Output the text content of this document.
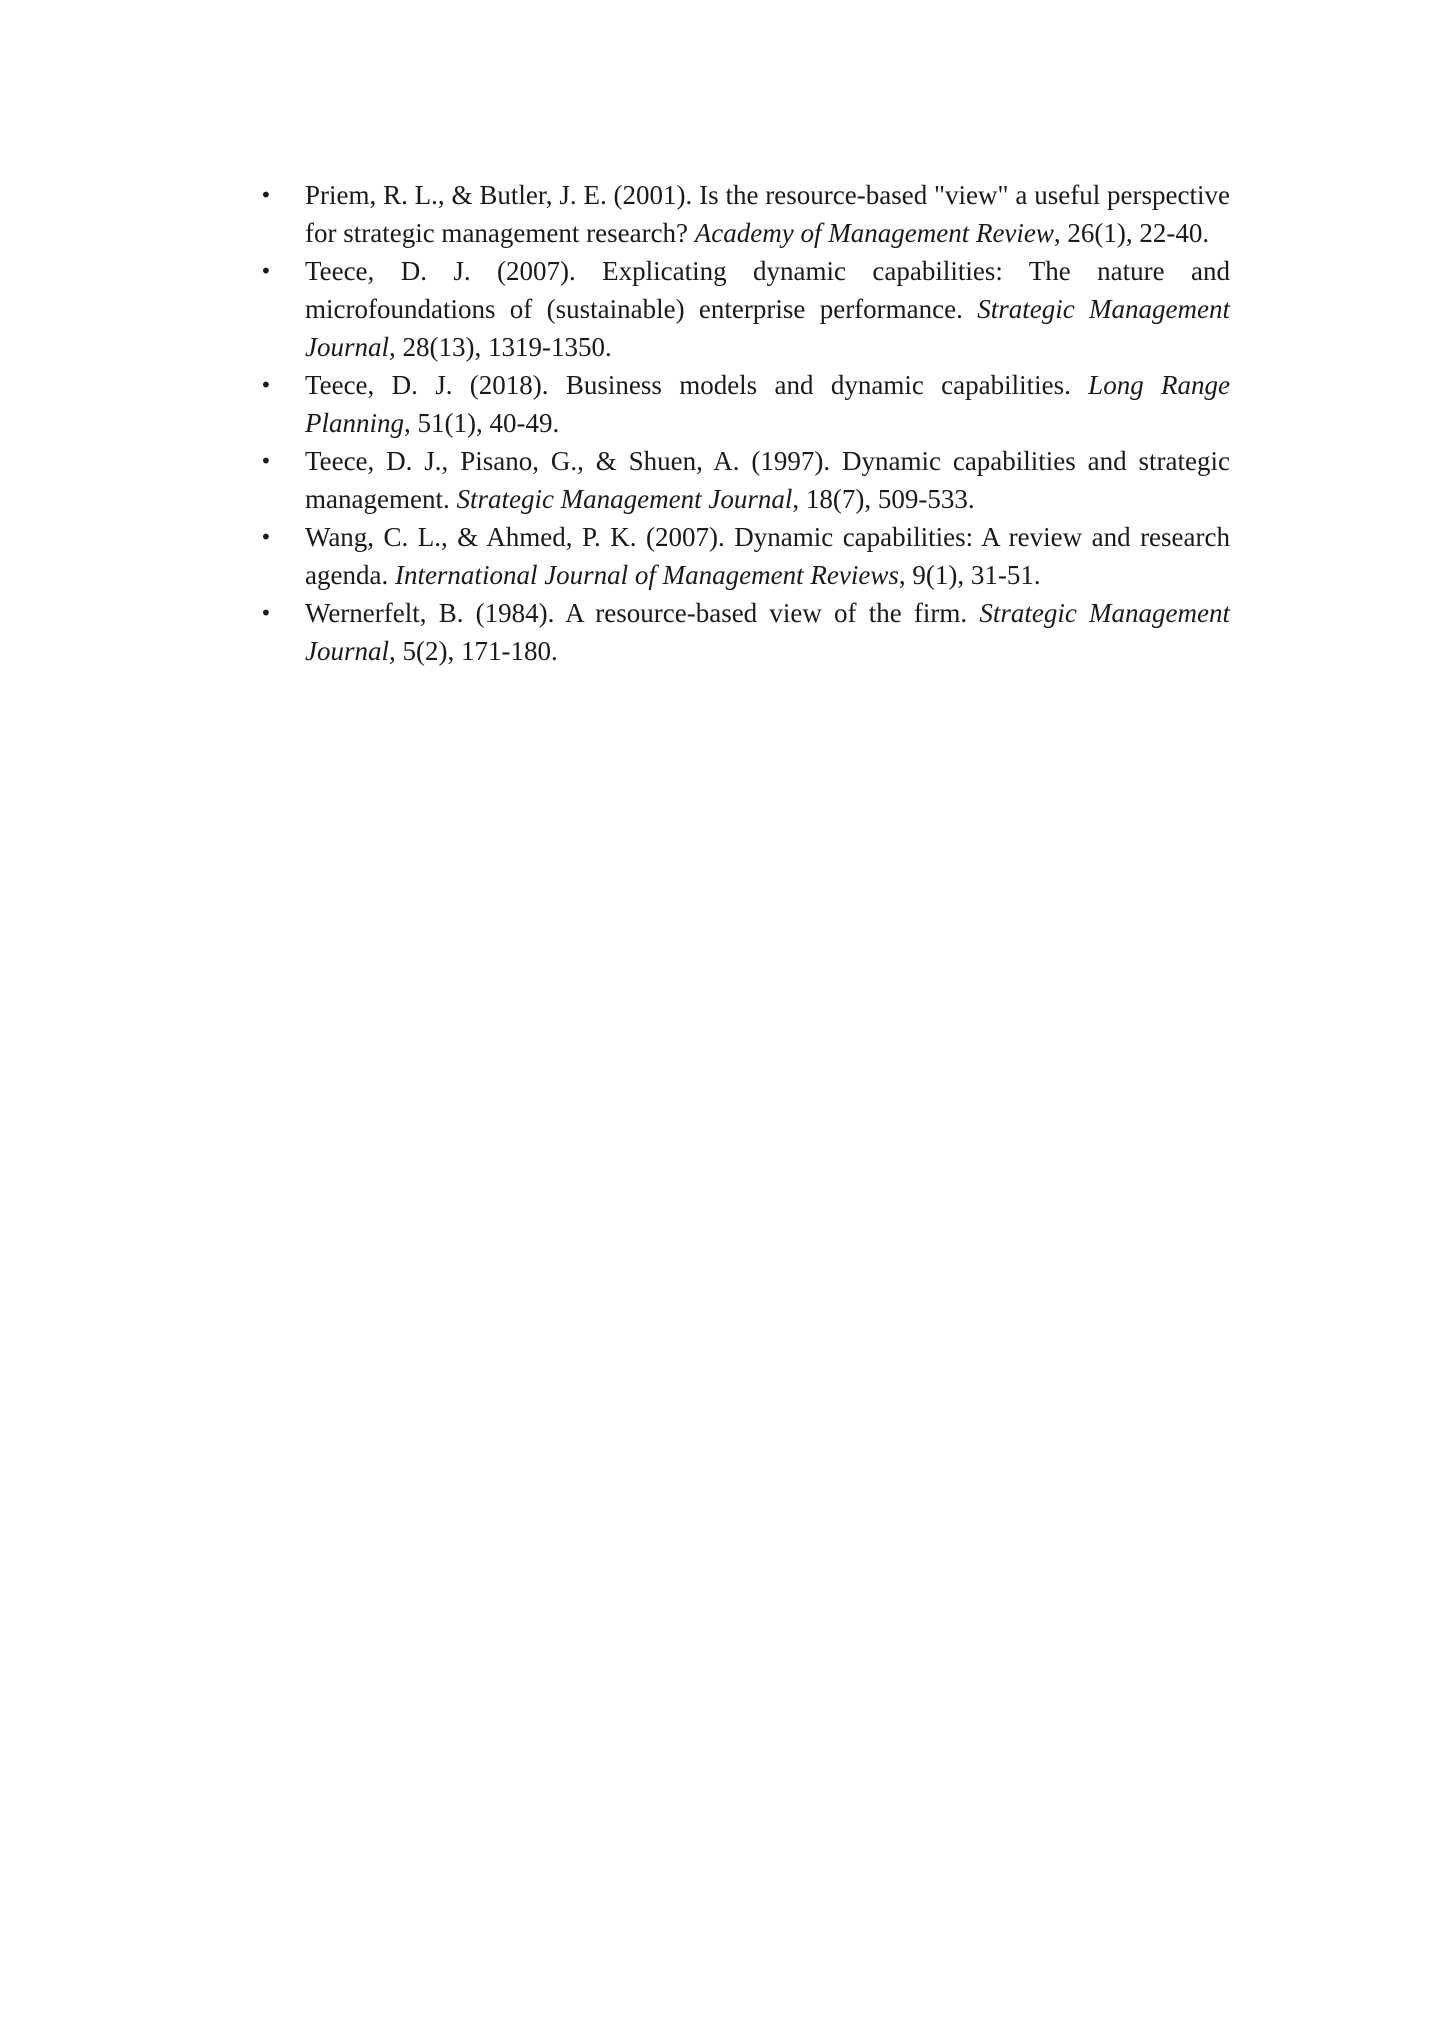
•	Priem, R. L., & Butler, J. E. (2001). Is the resource-based "view" a useful perspective for strategic management research? Academy of Management Review, 26(1), 22-40.
•	Teece, D. J. (2007). Explicating dynamic capabilities: The nature and microfoundations of (sustainable) enterprise performance. Strategic Management Journal, 28(13), 1319-1350.
•	Teece, D. J. (2018). Business models and dynamic capabilities. Long Range Planning, 51(1), 40-49.
•	Teece, D. J., Pisano, G., & Shuen, A. (1997). Dynamic capabilities and strategic management. Strategic Management Journal, 18(7), 509-533.
•	Wang, C. L., & Ahmed, P. K. (2007). Dynamic capabilities: A review and research agenda. International Journal of Management Reviews, 9(1), 31-51.
•	Wernerfelt, B. (1984). A resource-based view of the firm. Strategic Management Journal, 5(2), 171-180.
